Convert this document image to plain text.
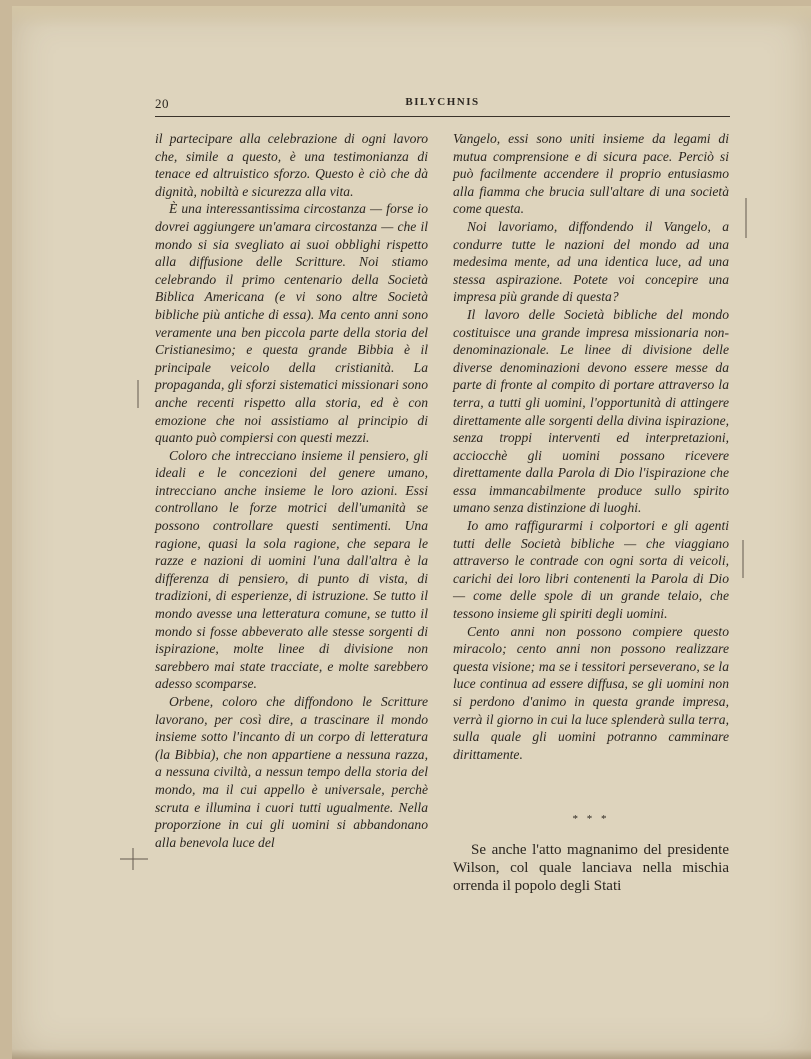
20	BILYCHNIS

il partecipare alla celebrazione di ogni lavoro che, simile a questo, è una testimonianza di tenace ed altruistico sforzo. Questo è ciò che dà dignità, nobiltà e sicurezza alla vita.

È una interessantissima circostanza — forse io dovrei aggiungere un'amara circostanza — che il mondo si sia svegliato ai suoi obblighi rispetto alla diffusione delle Scritture. Noi stiamo celebrando il primo centenario della Società Biblica Americana (e vi sono altre Società bibliche più antiche di essa). Ma cento anni sono veramente una ben piccola parte della storia del Cristianesimo; e questa grande Bibbia è il principale veicolo della cristianità. La propaganda, gli sforzi sistematici missionari sono anche recenti rispetto alla storia, ed è con emozione che noi assistiamo al principio di quanto può compiersi con questi mezzi.

Coloro che intrecciano insieme il pensiero, gli ideali e le concezioni del genere umano, intrecciano anche insieme le loro azioni. Essi controllano le forze motrici dell'umanità se possono controllare questi sentimenti. Una ragione, quasi la sola ragione, che separa le razze e nazioni di uomini l'una dall'altra è la differenza di pensiero, di punto di vista, di tradizioni, di esperienze, di istruzione. Se tutto il mondo avesse una letteratura comune, se tutto il mondo si fosse abbeverato alle stesse sorgenti di ispirazione, molte linee di divisione non sarebbero mai state tracciate, e molte sarebbero adesso scomparse.

Orbene, coloro che diffondono le Scritture lavorano, per così dire, a trascinare il mondo insieme sotto l'incanto di un corpo di letteratura (la Bibbia), che non appartiene a nessuna razza, a nessuna civiltà, a nessun tempo della storia del mondo, ma il cui appello è universale, perchè scruta e illumina i cuori tutti ugualmente. Nella proporzione in cui gli uomini si abbandonano alla benevola luce del

Vangelo, essi sono uniti insieme da legami di mutua comprensione e di sicura pace. Perciò si può facilmente accendere il proprio entusiasmo alla fiamma che brucia sull'altare di una società come questa.

Noi lavoriamo, diffondendo il Vangelo, a condurre tutte le nazioni del mondo ad una medesima mente, ad una identica luce, ad una stessa aspirazione. Potete voi concepire una impresa più grande di questa?

Il lavoro delle Società bibliche del mondo costituisce una grande impresa missionaria non-denominazionale. Le linee di divisione delle diverse denominazioni devono essere messe da parte di fronte al compito di portare attraverso la terra, a tutti gli uomini, l'opportunità di attingere direttamente alle sorgenti della divina ispirazione, senza troppi interventi ed interpretazioni, acciocchè gli uomini possano ricevere direttamente dalla Parola di Dio l'ispirazione che essa immancabilmente produce sullo spirito umano senza distinzione di luoghi.

Io amo raffigurarmi i colportori e gli agenti tutti delle Società bibliche — che viaggiano attraverso le contrade con ogni sorta di veicoli, carichi dei loro libri contenenti la Parola di Dio — come delle spole di un grande telaio, che tessono insieme gli spiriti degli uomini.

Cento anni non possono compiere questo miracolo; cento anni non possono realizzare questa visione; ma se i tessitori perseverano, se la luce continua ad essere diffusa, se gli uomini non si perdono d'animo in questa grande impresa, verrà il giorno in cui la luce splenderà sulla terra, sulla quale gli uomini potranno camminare dirittamente.

* * *

Se anche l'atto magnanimo del presidente Wilson, col quale lanciava nella mischia orrenda il popolo degli Stati
